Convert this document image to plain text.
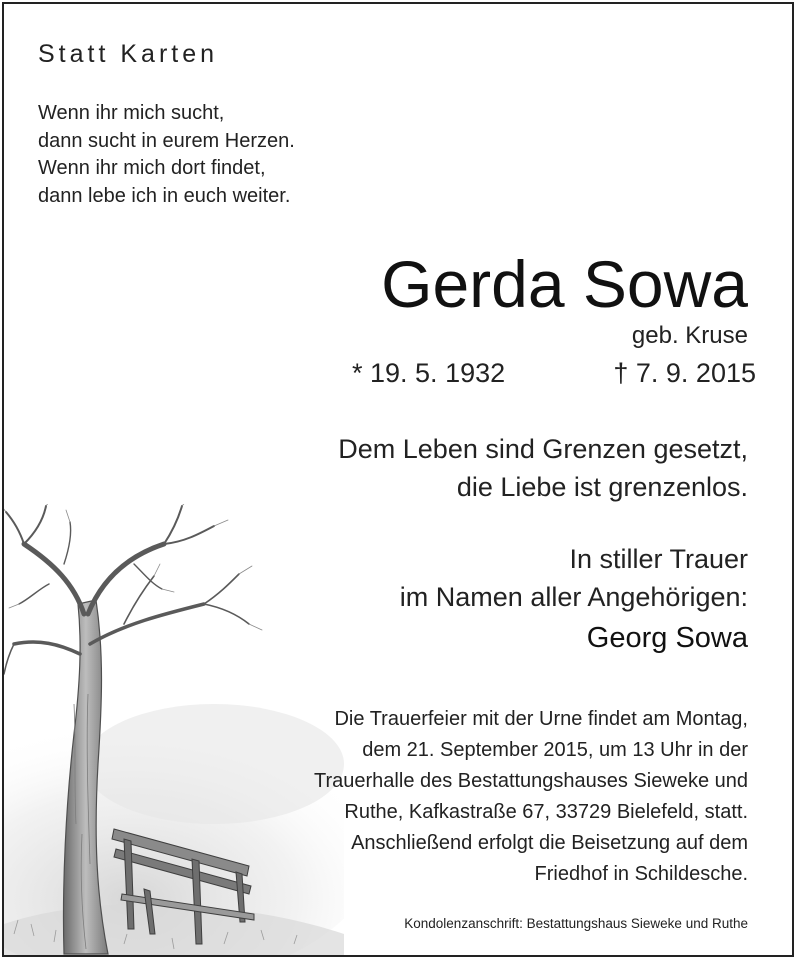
Statt Karten
Wenn ihr mich sucht,
dann sucht in eurem Herzen.
Wenn ihr mich dort findet,
dann lebe ich in euch weiter.
Gerda Sowa
geb. Kruse
* 19. 5. 1932	† 7. 9. 2015
Dem Leben sind Grenzen gesetzt,
die Liebe ist grenzenlos.
In stiller Trauer
im Namen aller Angehörigen:
Georg Sowa
Die Trauerfeier mit der Urne findet am Montag,
dem 21. September 2015, um 13 Uhr in der
Trauerhalle des Bestattungshauses Sieweke und
Ruthe, Kafkastraße 67, 33729 Bielefeld, statt.
Anschließend erfolgt die Beisetzung auf dem
Friedhof in Schildesche.
Kondolenzanschrift: Bestattungshaus Sieweke und Ruthe
